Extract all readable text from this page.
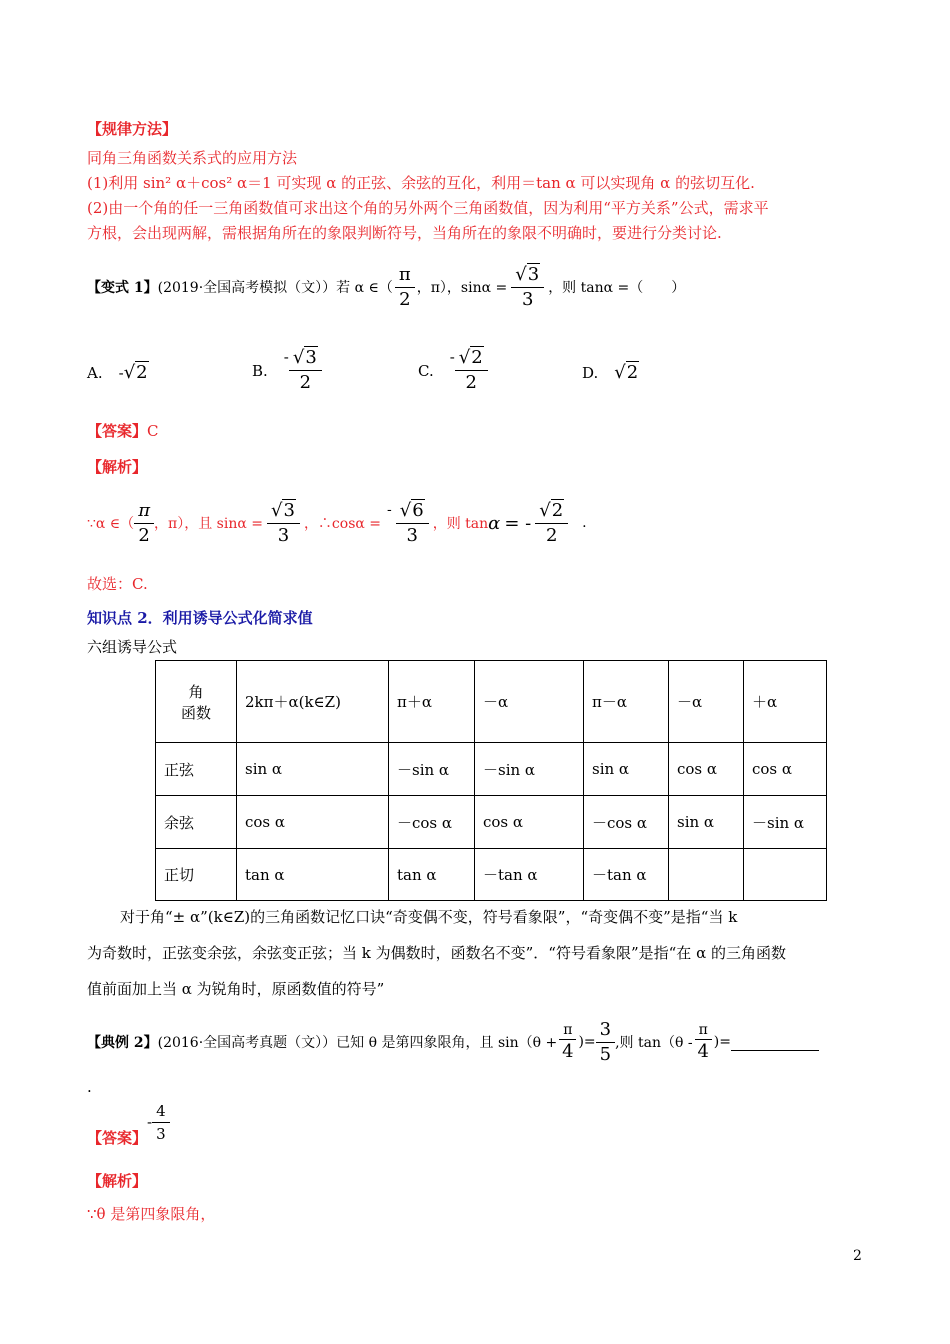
【规律方法】
同角三角函数关系式的应用方法
(1)利用 sin² α＋cos² α＝1 可实现 α 的正弦、余弦的互化，利用＝tan α 可以实现角 α 的弦切互化.
(2)由一个角的任一三角函数值可求出这个角的另外两个三角函数值，因为利用“平方关系”公式，需求平
方根，会出现两解，需根据角所在的象限判断符号，当角所在的象限不明确时，要进行分类讨论.
【变式 1】 (2019·全国高考模拟（文））若 α ∈（ $\frac{\pi}{2}$ ，π），$\sin\alpha = \frac{√3}{3}$ ，则 tanα =（　　）
A. - √2	B.
- $\frac{√3}{2}$	C.
- $\frac{√2}{2}$	D. √2
【答案】C
【解析】
∵α ∈（ $\frac{\pi}{2}$ ，π），且 $\sin\alpha = \frac{√3}{3}$ ，∴cosα =
- $\frac{√6}{3}$ ，则 tan α = - $\frac{√2}{2}$ .
故选：C.
知识点 2．利用诱导公式化简求值
六组诱导公式
角
函数	2kπ＋α(k∈Z)	π＋α	－α	π－α	－α	＋α
正弦	sin α	－sin α	－sin α	sin α	cos α	cos α
余弦	cos α	－cos α	cos α	－cos α	sin α	－sin α
正切	tan α	tan α	－tan α	－tan α		
对于角“± α”(k∈Z)的三角函数记忆口诀“奇变偶不变，符号看象限”，“奇变偶不变”是指“当 k
为奇数时，正弦变余弦，余弦变正弦；当 k 为偶数时，函数名不变”．“符号看象限”是指“在 α 的三角函数
值前面加上当 α 为锐角时，原函数值的符号”
【典例 2】 (2016·全国高考真题（文））已知 θ 是第四象限角，且 $\sin(\theta + \frac{\pi}{4}$ )= $\frac{3}{5}$ ,则 $\tan(\theta - \frac{\pi}{4}$ )=
.
【答案】
- $\frac{4}{3}$
【解析】
∵θ 是第四象限角，
2
